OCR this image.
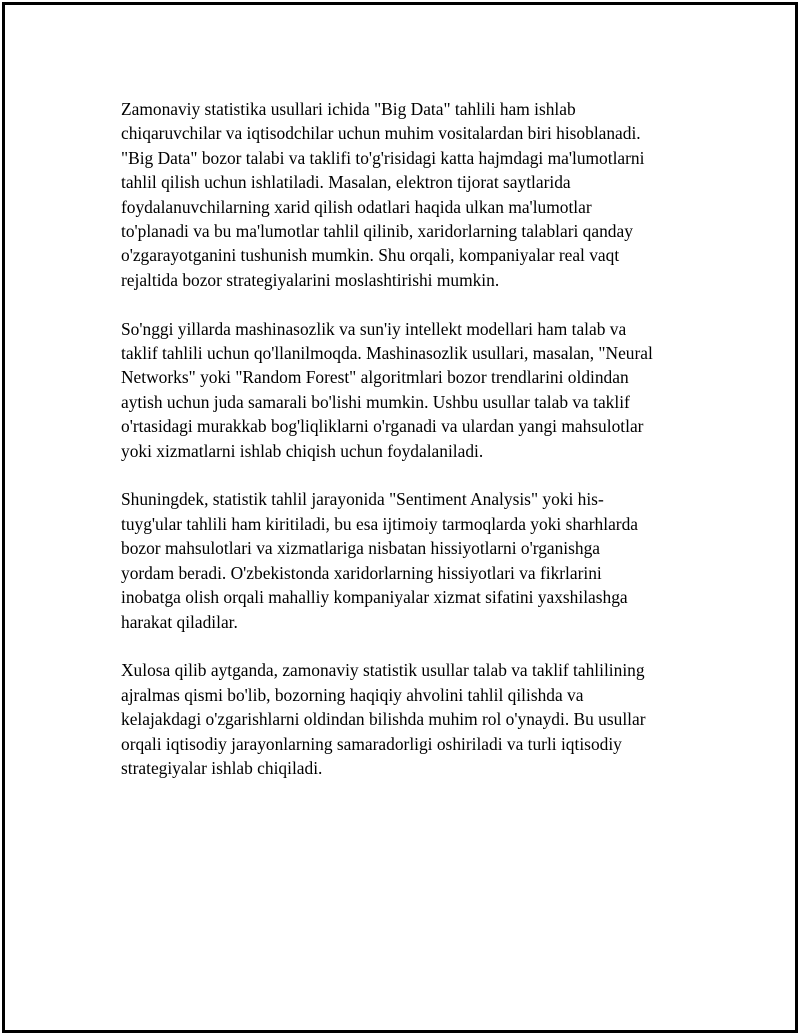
Zamonaviy statistika usullari ichida "Big Data" tahlili ham ishlab
chiqaruvchilar va iqtisodchilar uchun muhim vositalardan biri hisoblanadi.
"Big Data" bozor talabi va taklifi to'g'risidagi katta hajmdagi ma'lumotlarni
tahlil qilish uchun ishlatiladi. Masalan, elektron tijorat saytlarida
foydalanuvchilarning xarid qilish odatlari haqida ulkan ma'lumotlar
to'planadi va bu ma'lumotlar tahlil qilinib, xaridorlarning talablari qanday
o'zgarayotganini tushunish mumkin. Shu orqali, kompaniyalar real vaqt
rejaltida bozor strategiyalarini moslashtirishi mumkin.

So'nggi yillarda mashinasozlik va sun'iy intellekt modellari ham talab va
taklif tahlili uchun qo'llanilmoqda. Mashinasozlik usullari, masalan, "Neural
Networks" yoki "Random Forest" algoritmlari bozor trendlarini oldindan
aytish uchun juda samarali bo'lishi mumkin. Ushbu usullar talab va taklif
o'rtasidagi murakkab bog'liqliklarni o'rganadi va ulardan yangi mahsulotlar
yoki xizmatlarni ishlab chiqish uchun foydalaniladi.

Shuningdek, statistik tahlil jarayonida "Sentiment Analysis" yoki his-
tuyg'ular tahlili ham kiritiladi, bu esa ijtimoiy tarmoqlarda yoki sharhlarda
bozor mahsulotlari va xizmatlariga nisbatan hissiyotlarni o'rganishga
yordam beradi. O'zbekistonda xaridorlarning hissiyotlari va fikrlarini
inobatga olish orqali mahalliy kompaniyalar xizmat sifatini yaxshilashga
harakat qiladilar.

Xulosa qilib aytganda, zamonaviy statistik usullar talab va taklif tahlilining
ajralmas qismi bo'lib, bozorning haqiqiy ahvolini tahlil qilishda va
kelajakdagi o'zgarishlarni oldindan bilishda muhim rol o'ynaydi. Bu usullar
orqali iqtisodiy jarayonlarning samaradorligi oshiriladi va turli iqtisodiy
strategiyalar ishlab chiqiladi.
